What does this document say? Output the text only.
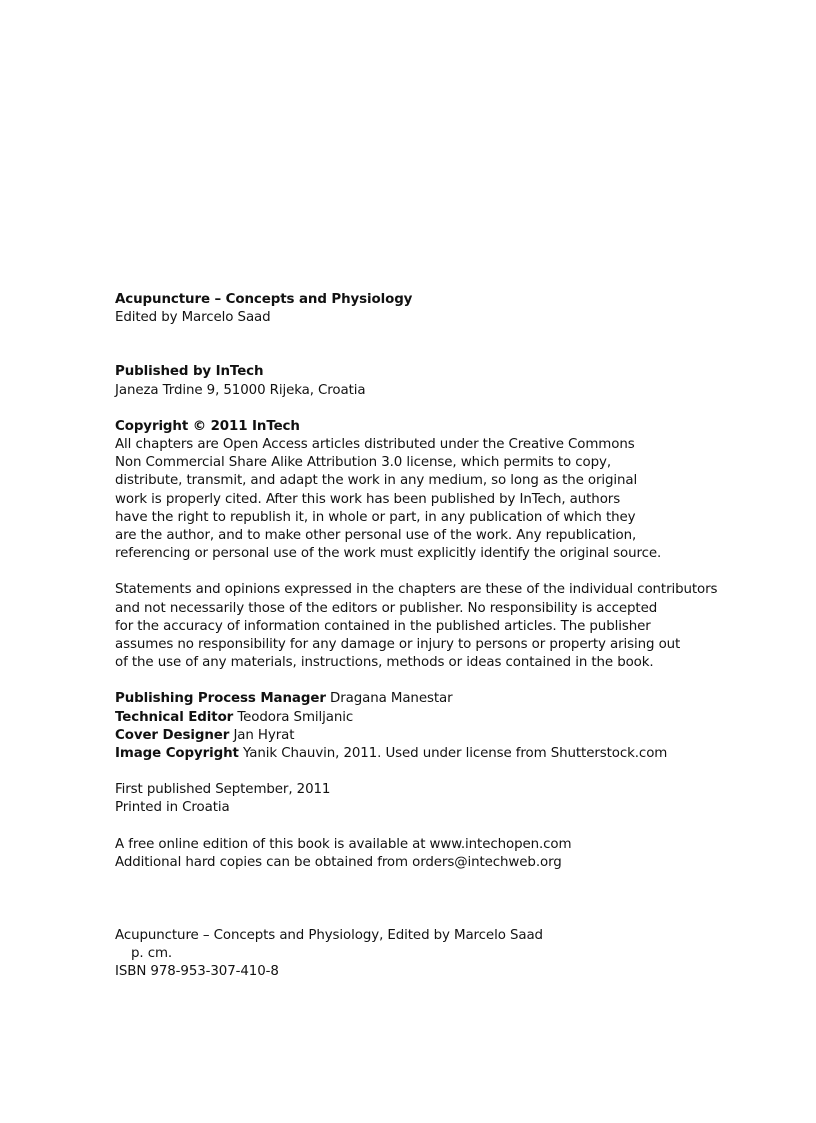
Acupuncture – Concepts and Physiology
Edited by Marcelo Saad
Published by InTech
Janeza Trdine 9, 51000 Rijeka, Croatia
Copyright © 2011 InTech
All chapters are Open Access articles distributed under the Creative Commons
Non Commercial Share Alike Attribution 3.0 license, which permits to copy,
distribute, transmit, and adapt the work in any medium, so long as the original
work is properly cited. After this work has been published by InTech, authors
have the right to republish it, in whole or part, in any publication of which they
are the author, and to make other personal use of the work. Any republication,
referencing or personal use of the work must explicitly identify the original source.
Statements and opinions expressed in the chapters are these of the individual contributors
and not necessarily those of the editors or publisher. No responsibility is accepted
for the accuracy of information contained in the published articles. The publisher
assumes no responsibility for any damage or injury to persons or property arising out
of the use of any materials, instructions, methods or ideas contained in the book.
Publishing Process Manager Dragana Manestar
Technical Editor Teodora Smiljanic
Cover Designer Jan Hyrat
Image Copyright Yanik Chauvin, 2011. Used under license from Shutterstock.com
First published September, 2011
Printed in Croatia
A free online edition of this book is available at www.intechopen.com
Additional hard copies can be obtained from orders@intechweb.org
Acupuncture – Concepts and Physiology, Edited by Marcelo Saad
p. cm.
ISBN 978-953-307-410-8
